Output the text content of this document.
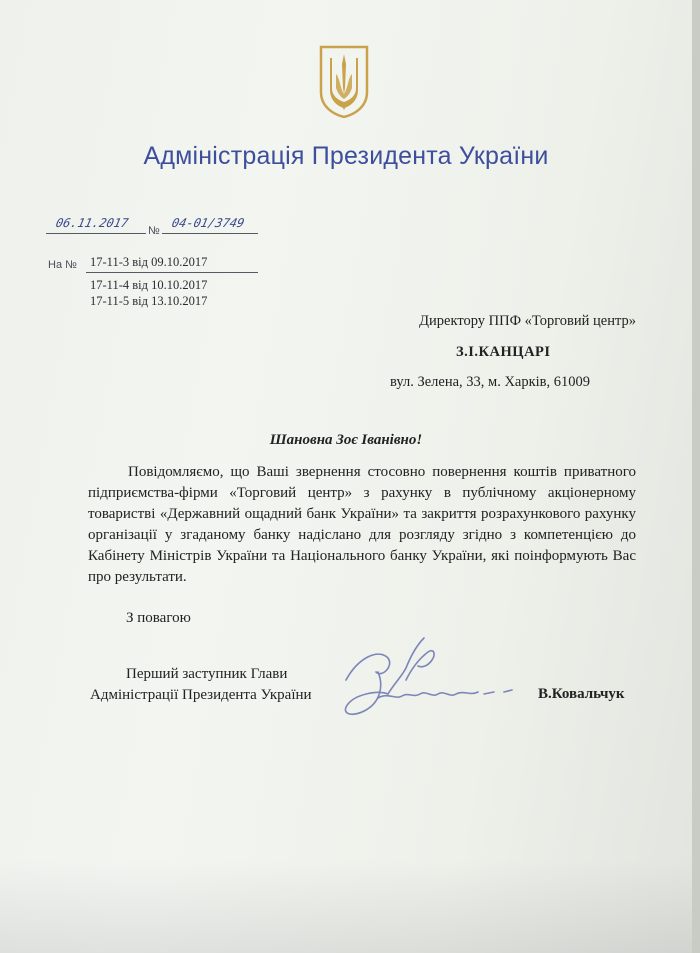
Адміністрація Президента України
06.11.2017
№
04-01/3749
На № 17-11-3 від 09.10.2017
17-11-4 від 10.10.2017
17-11-5 від 13.10.2017
Директору ППФ «Торговий центр»
З.І.КАНЦАРІ
вул. Зелена, 33, м. Харків, 61009
Шановна Зоє Іванівно!
Повідомляємо, що Ваші звернення стосовно повернення коштів приватного підприємства-фірми «Торговий центр» з рахунку в публічному акціонерному товаристві «Державний ощадний банк України» та закриття розрахункового рахунку організації у згаданому банку надіслано для розгляду згідно з компетенцією до Кабінету Міністрів України та Національного банку України, які поінформують Вас про результати.
З повагою
Перший заступник Глави
Адміністрації Президента України	В.Ковальчук
